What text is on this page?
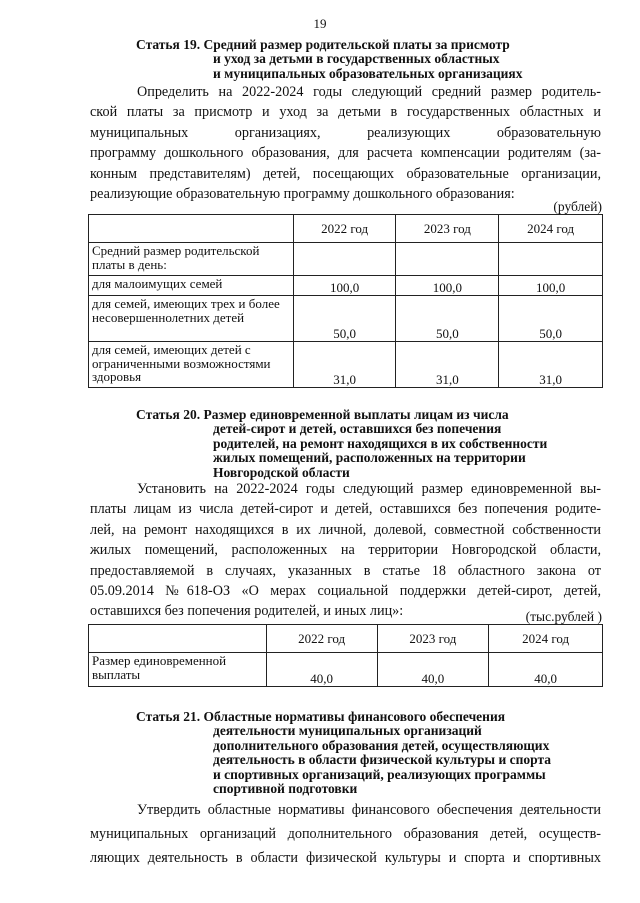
19
Статья 19. Средний размер родительской платы за присмотр
и уход за детьми в государственных областных
и муниципальных образовательных организациях
Определить на 2022-2024 годы следующий средний размер родитель-
ской платы за присмотр и уход за детьми в государственных областных и
муниципальных организациях, реализующих образовательную
программу дошкольного образования, для расчета компенсации родителям (за-
конным представителям) детей, посещающих образовательные организации,
реализующие образовательную программу дошкольного образования:
(рублей)
	2022 год	2023 год	2024 год
Средний размер родительской платы в день:			
для малоимущих семей	100,0	100,0	100,0
для семей, имеющих трех и более несовершеннолетних детей	50,0	50,0	50,0
для семей, имеющих детей с ограниченными возможностями здоровья	31,0	31,0	31,0
Статья 20. Размер единовременной выплаты лицам из числа
детей-сирот и детей, оставшихся без попечения
родителей, на ремонт находящихся в их собственности
жилых помещений, расположенных на территории
Новгородской области
Установить на 2022-2024 годы следующий размер единовременной вы-
платы лицам из числа детей-сирот и детей, оставшихся без попечения родите-
лей, на ремонт находящихся в их личной, долевой, совместной собственности
жилых помещений, расположенных на территории Новгородской области,
предоставляемой в случаях, указанных в статье 18 областного закона от
05.09.2014 №618-ОЗ «О мерах социальной поддержки детей-сирот, детей,
оставшихся без попечения родителей, и иных лиц»:	(тыс.рублей )
	2022 год	2023 год	2024 год
Размер единовременной выплаты	40,0	40,0	40,0
Статья 21. Областные нормативы финансового обеспечения
деятельности муниципальных организаций
дополнительного образования детей, осуществляющих
деятельность в области физической культуры и спорта
и спортивных организаций, реализующих программы
спортивной подготовки
Утвердить областные нормативы финансового обеспечения деятельности
муниципальных организаций дополнительного образования детей, осуществ-
ляющих деятельность в области физической культуры и спорта и спортивных
